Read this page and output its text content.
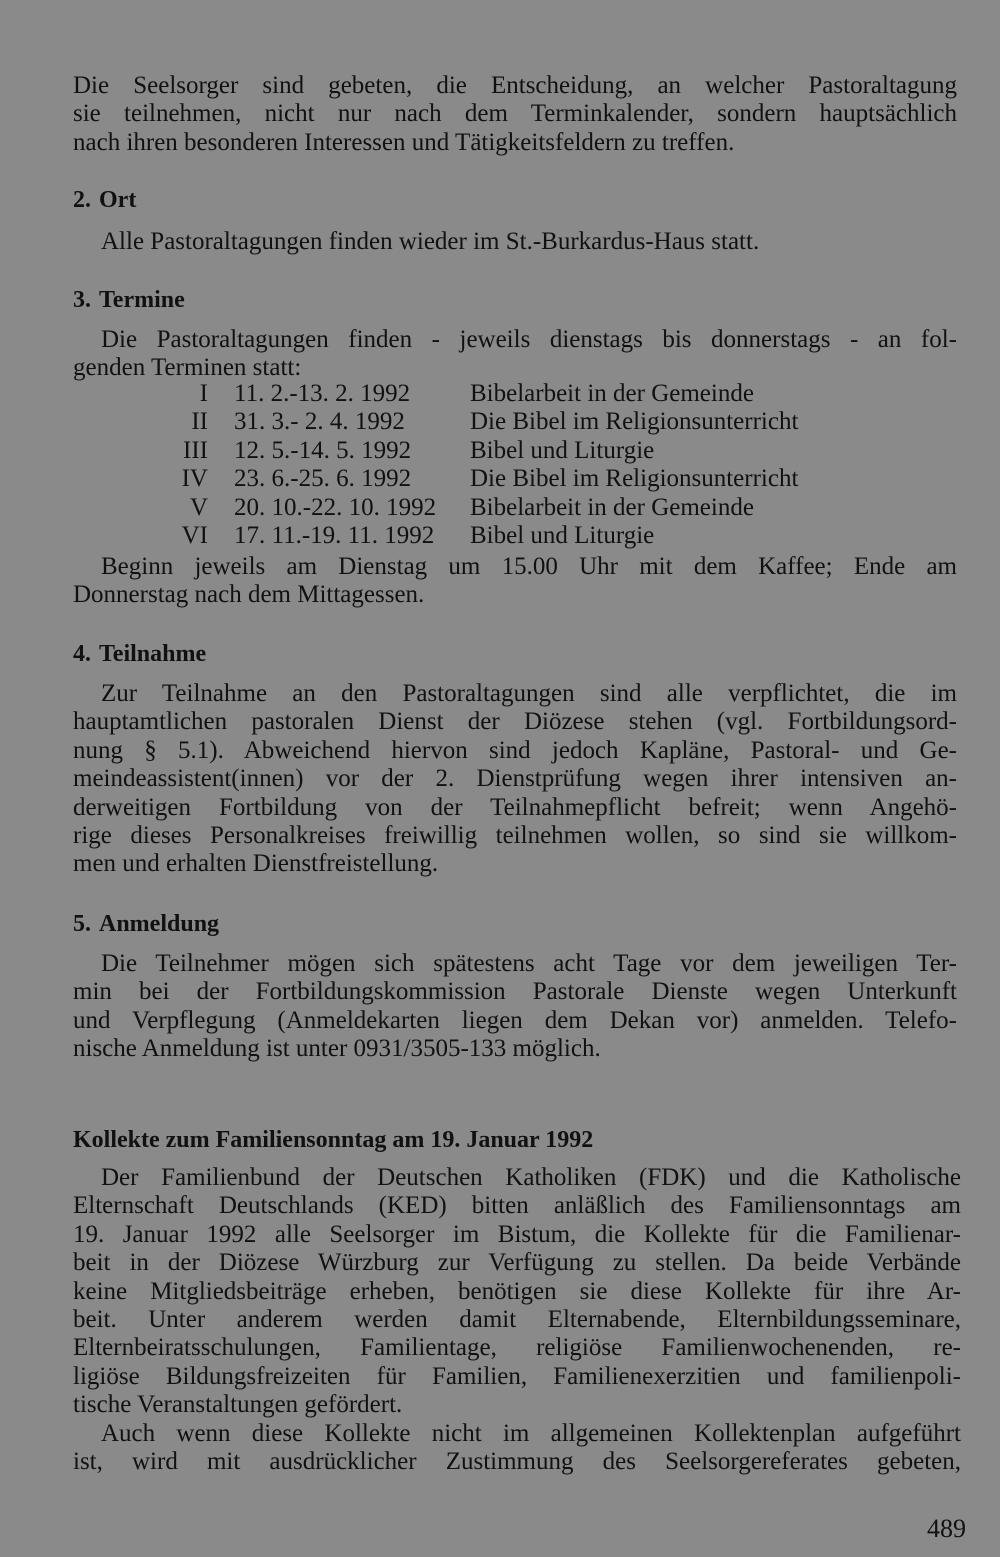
Die Seelsorger sind gebeten, die Entscheidung, an welcher Pastoraltagung
sie teilnehmen, nicht nur nach dem Terminkalender, sondern hauptsächlich
nach ihren besonderen Interessen und Tätigkeitsfeldern zu treffen.
2. Ort
Alle Pastoraltagungen finden wieder im St.-Burkardus-Haus statt.
3. Termine
Die Pastoraltagungen finden - jeweils dienstags bis donnerstags - an fol-
genden Terminen statt:
I	11. 2.-13. 2. 1992	Bibelarbeit in der Gemeinde
II	31. 3.- 2. 4. 1992	Die Bibel im Religionsunterricht
III	12. 5.-14. 5. 1992	Bibel und Liturgie
IV	23. 6.-25. 6. 1992	Die Bibel im Religionsunterricht
V	20. 10.-22. 10. 1992	Bibelarbeit in der Gemeinde
VI	17. 11.-19. 11. 1992	Bibel und Liturgie
Beginn jeweils am Dienstag um 15.00 Uhr mit dem Kaffee; Ende am
Donnerstag nach dem Mittagessen.
4. Teilnahme
Zur Teilnahme an den Pastoraltagungen sind alle verpflichtet, die im
hauptamtlichen pastoralen Dienst der Diözese stehen (vgl. Fortbildungsord-
nung § 5.1). Abweichend hiervon sind jedoch Kapläne, Pastoral- und Ge-
meindeassistent(innen) vor der 2. Dienstprüfung wegen ihrer intensiven an-
derweitigen Fortbildung von der Teilnahmepflicht befreit; wenn Angehö-
rige dieses Personalkreises freiwillig teilnehmen wollen, so sind sie willkom-
men und erhalten Dienstfreistellung.
5. Anmeldung
Die Teilnehmer mögen sich spätestens acht Tage vor dem jeweiligen Ter-
min bei der Fortbildungskommission Pastorale Dienste wegen Unterkunft
und Verpflegung (Anmeldekarten liegen dem Dekan vor) anmelden. Telefo-
nische Anmeldung ist unter 0931/3505-133 möglich.
Kollekte zum Familiensonntag am 19. Januar 1992
Der Familienbund der Deutschen Katholiken (FDK) und die Katholische
Elternschaft Deutschlands (KED) bitten anläßlich des Familiensonntags am
19. Januar 1992 alle Seelsorger im Bistum, die Kollekte für die Familienar-
beit in der Diözese Würzburg zur Verfügung zu stellen. Da beide Verbände
keine Mitgliedsbeiträge erheben, benötigen sie diese Kollekte für ihre Ar-
beit. Unter anderem werden damit Elternabende, Elternbildungsseminare,
Elternbeiratsschulungen, Familientage, religiöse Familienwochenenden, re-
ligiöse Bildungsfreizeiten für Familien, Familienexerzitien und familienpoli-
tische Veranstaltungen gefördert.
Auch wenn diese Kollekte nicht im allgemeinen Kollektenplan aufgeführt
ist, wird mit ausdrücklicher Zustimmung des Seelsorgereferates gebeten,
489
